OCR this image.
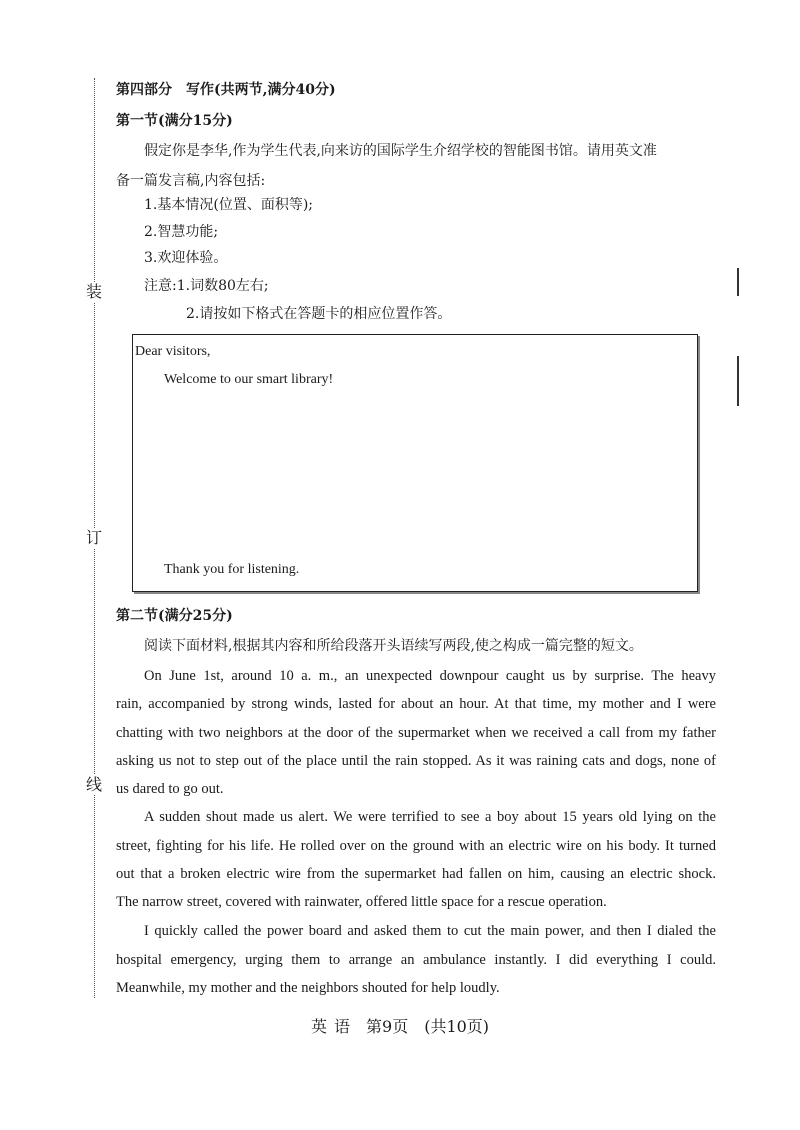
装
订
线
第四部分　写作(共两节,满分40分)
第一节(满分15分)
假定你是李华,作为学生代表,向来访的国际学生介绍学校的智能图书馆。请用英文准
备一篇发言稿,内容包括:
1.基本情况(位置、面积等);
2.智慧功能;
3.欢迎体验。
注意:1.词数80左右;
2.请按如下格式在答题卡的相应位置作答。
Dear visitors,
Welcome to our smart library!
Thank you for listening.
第二节(满分25分)
阅读下面材料,根据其内容和所给段落开头语续写两段,使之构成一篇完整的短文。
On June 1st, around 10 a. m., an unexpected downpour caught us by surprise. The heavy
rain, accompanied by strong winds, lasted for about an hour. At that time, my mother and I were
chatting with two neighbors at the door of the supermarket when we received a call from my father
asking us not to step out of the place until the rain stopped. As it was raining cats and dogs, none of
us dared to go out.
A sudden shout made us alert. We were terrified to see a boy about 15 years old lying on the
street, fighting for his life. He rolled over on the ground with an electric wire on his body. It turned
out that a broken electric wire from the supermarket had fallen on him, causing an electric shock.
The narrow street, covered with rainwater, offered little space for a rescue operation.
I quickly called the power board and asked them to cut the main power, and then I dialed the
hospital emergency, urging them to arrange an ambulance instantly. I did everything I could.
Meanwhile, my mother and the neighbors shouted for help loudly.
英 语　第9页　(共10页)
